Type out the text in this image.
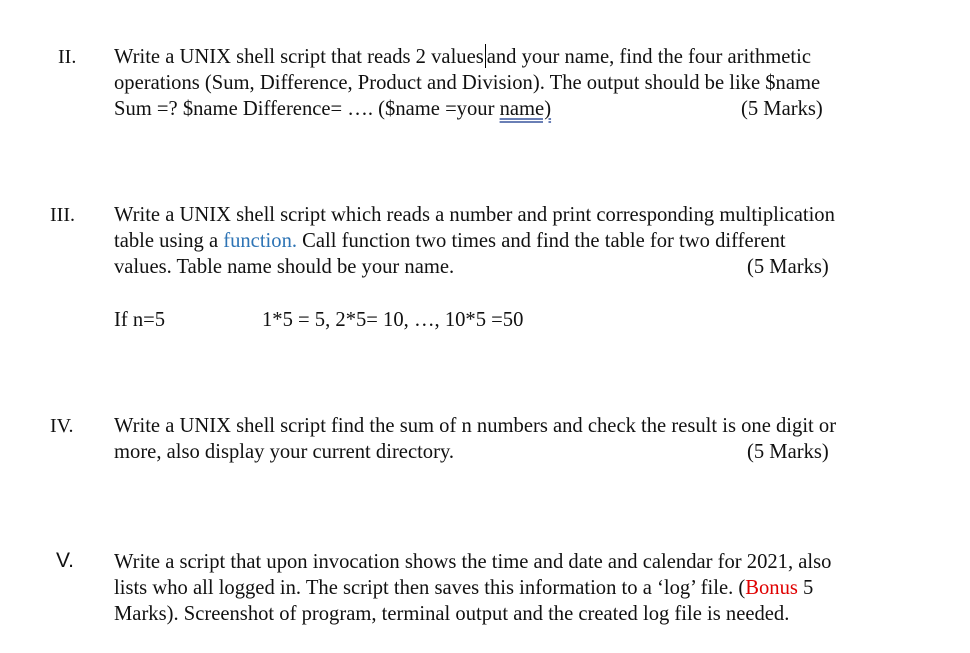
II. Write a UNIX shell script that reads 2 values and your name, find the four arithmetic
operations (Sum, Difference, Product and Division). The output should be like $name
Sum =? $name Difference= …. ($name =your name)	(5 Marks)
III. Write a UNIX shell script which reads a number and print corresponding multiplication
table using a function. Call function two times and find the table for two different
values. Table name should be your name.	(5 Marks)
If n=5	1*5 = 5, 2*5= 10, …, 10*5 =50
IV. Write a UNIX shell script find the sum of n numbers and check the result is one digit or
more, also display your current directory.	(5 Marks)
V. Write a script that upon invocation shows the time and date and calendar for 2021, also
lists who all logged in. The script then saves this information to a ‘log’ file. (Bonus 5
Marks). Screenshot of program, terminal output and the created log file is needed.
